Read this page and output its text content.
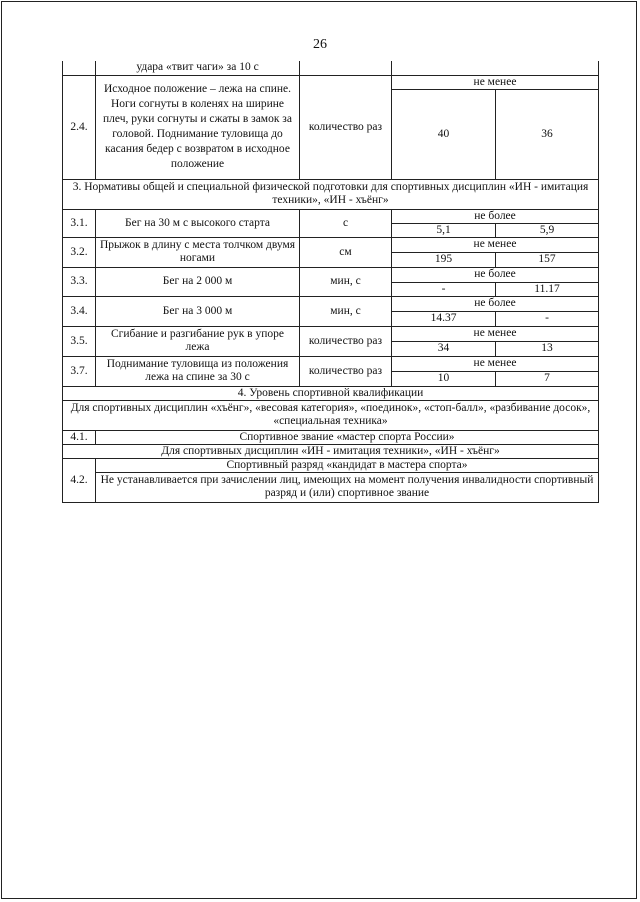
26
	удара «твит чаги» за 10 с			
2.4.	Исходное положение – лежа на спине. Ноги согнуты в коленях на ширине плеч, руки согнуты и сжаты в замок за головой. Поднимание туловища до касания бедер с возвратом в исходное положение	количество раз	не менее	
			40	36
3. Нормативы общей и специальной физической подготовки для спортивных дисциплин «ИН - имитация техники», «ИН - хъёнг»				
3.1.	Бег на 30 м с высокого старта	с	не более	
			5,1	5,9
3.2.	Прыжок в длину с места толчком двумя ногами	см	не менее	
			195	157
3.3.	Бег на 2 000 м	мин, с	не более	
			-	11.17
3.4.	Бег на 3 000 м	мин, с	не более	
			14.37	-
3.5.	Сгибание и разгибание рук в упоре лежа	количество раз	не менее	
			34	13
3.7.	Поднимание туловища из положения лежа на спине за 30 с	количество раз	не менее	
			10	7
4. Уровень спортивной квалификации				
Для спортивных дисциплин «хъёнг», «весовая категория», «поединок», «стоп-балл», «разбивание досок», «специальная техника»				
4.1.	Спортивное звание «мастер спорта России»			
Для спортивных дисциплин «ИН - имитация техники», «ИН - хъёнг»				
4.2.	Спортивный разряд «кандидат в мастера спорта»			
	Не устанавливается при зачислении лиц, имеющих на момент получения инвалидности спортивный разряд и (или) спортивное звание			
